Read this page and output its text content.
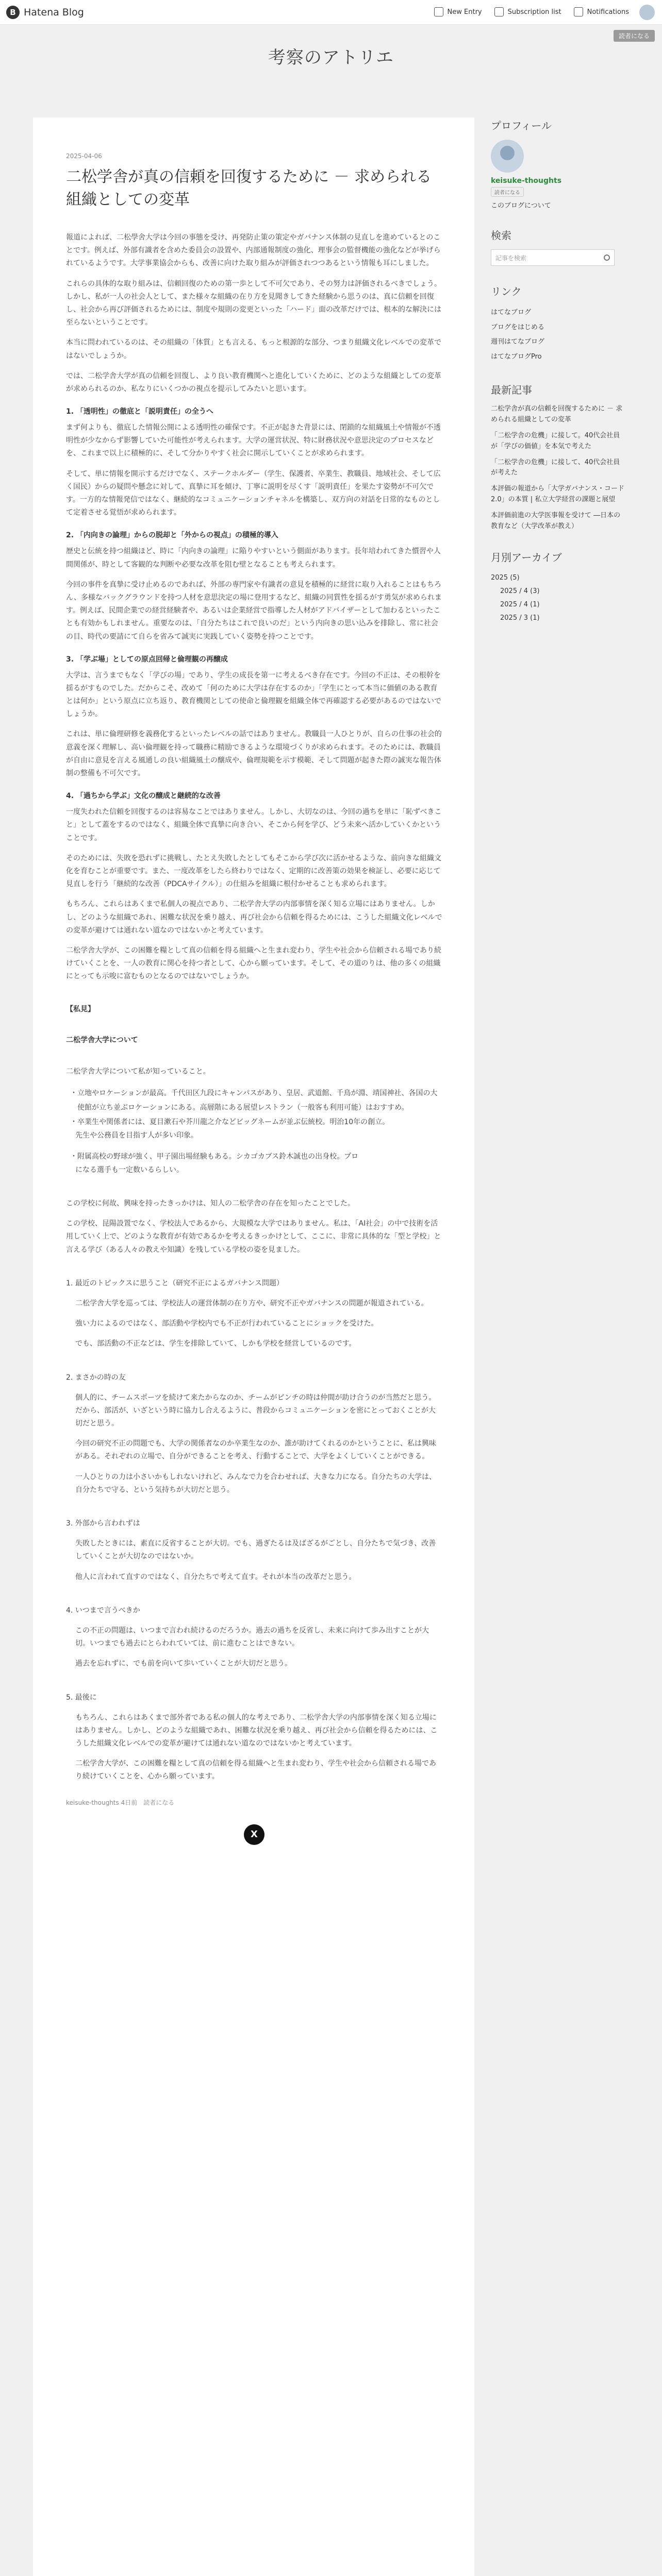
B Hatena Blog	New Entry	Subscription list	Notifications
読者になる
考察のアトリエ
2025-04-06
二松学舎が真の信頼を回復するために － 求められる組織としての変革

報道によれば、二松學舍大学は今回の事態を受け、再発防止策の策定やガバナンス体制の見直しを進めているとのことです。例えば、外部有識者を含めた委員会の設置や、内部通報制度の強化、理事会の監督機能の強化などが挙げられているようです。大学事業協会からも、改善に向けた取り組みが評価されつつあるという情報も耳にしました。

これらの具体的な取り組みは、信頼回復のための第一歩として不可欠であり、その努力は評価されるべきでしょう。しかし、私が一人の社会人として、また様々な組織の在り方を見聞きしてきた経験から思うのは、真に信頼を回復し、社会から再び評価されるためには、制度や規則の変更といった「ハード」面の改革だけでは、根本的な解決には至らないということです。

本当に問われているのは、その組織の「体質」とも言える、もっと根源的な部分、つまり組織文化レベルでの変革ではないでしょうか。

では、二松学舎大学が真の信頼を回復し、より良い教育機関へと進化していくために、どのような組織としての変革が求められるのか、私なりにいくつかの視点を提示してみたいと思います。

1. 「透明性」の徹底と「説明責任」の全うへ

まず何よりも、徹底した情報公開による透明性の確保です。不正が起きた背景には、閉鎖的な組織風土や情報が不透明性が少なからず影響していた可能性が考えられます。大学の運営状況、特に財務状況や意思決定のプロセスなどを、これまで以上に積極的に、そして分かりやすく社会に開示していくことが求められます。

そして、単に情報を開示するだけでなく、ステークホルダー（学生、保護者、卒業生、教職員、地域社会、そして広く国民）からの疑問や懸念に対して、真摯に耳を傾け、丁寧に説明を尽くす「説明責任」を果たす姿勢が不可欠です。一方的な情報発信ではなく、継続的なコミュニケーションチャネルを構築し、双方向の対話を日常的なものとして定着させる覚悟が求められます。

2. 「内向きの論理」からの脱却と「外からの視点」の積極的導入

歴史と伝統を持つ組織ほど、時に「内向きの論理」に陥りやすいという側面があります。長年培われてきた慣習や人間関係が、時として客観的な判断や必要な改革を阻む壁となることも考えられます。

今回の事件を真摯に受け止めるのであれば、外部の専門家や有識者の意見を積極的に経営に取り入れることはもちろん、多様なバックグラウンドを持つ人材を意思決定の場に登用するなど、組織の同質性を揺るがす勇気が求められます。例えば、民間企業での経営経験者や、あるいは企業経営で指導した人材がアドバイザーとして加わるといったことも有効かもしれません。重要なのは、「自分たちはこれで良いのだ」という内向きの思い込みを排除し、常に社会の目、時代の要請にて自らを省みて誠実に実践していく姿勢を持つことです。

3. 「学ぶ場」としての原点回帰と倫理観の再醸成

大学は、言うまでもなく「学びの場」であり、学生の成長を第一に考えるべき存在です。今回の不正は、その根幹を揺るがすものでした。だからこそ、改めて「何のために大学は存在するのか」「学生にとって本当に価値のある教育とは何か」という原点に立ち返り、教育機関としての使命と倫理観を組織全体で再確認する必要があるのではないでしょうか。

これは、単に倫理研修を義務化するといったレベルの話ではありません。教職員一人ひとりが、自らの仕事の社会的意義を深く理解し、高い倫理観を持って職務に精励できるような環境づくりが求められます。そのためには、教職員が自由に意見を言える風通しの良い組織風土の醸成や、倫理規範を示す模範、そして問題が起きた際の誠実な報告体制の整備も不可欠です。

4. 「過ちから学ぶ」文化の醸成と継続的な改善

一度失われた信頼を回復するのは容易なことではありません。しかし、大切なのは、今回の過ちを単に「恥ずべきこと」として蓋をするのではなく、組織全体で真摯に向き合い、そこから何を学び、どう未来へ活かしていくかということです。

そのためには、失敗を恐れずに挑戦し、たとえ失敗したとしてもそこから学び次に活かせるような、前向きな組織文化を育むことが重要です。また、一度改革をしたら終わりではなく、定期的に改善策の効果を検証し、必要に応じて見直しを行う「継続的な改善（PDCAサイクル）」の仕組みを組織に根付かせることも求められます。

もちろん、これらはあくまで私個人の視点であり、二松学舎大学の内部事情を深く知る立場にはありません。しかし、どのような組織であれ、困難な状況を乗り越え、再び社会から信頼を得るためには、こうした組織文化レベルでの変革が避けては通れない道なのではないかと考えています。

二松学舎大学が、この困難を糧として真の信頼を得る組織へと生まれ変わり、学生や社会から信頼される場であり続けていくことを、一人の教育に関心を持つ者として、心から願っています。そして、その道のりは、他の多くの組織にとっても示唆に富むものとなるのではないでしょうか。

【私見】
二松学舎大学について

二松学舎大学について私が知っていること。

・ 立地やロケーションが最高。千代田区九段にキャンパスがあり、皇居、武道館、千鳥が淵、靖国神社、各国の大使館が立ち並ぶロケーションにある。高層階にある展望レストラン（一般客も利用可能）はおすすめ。
・ 卒業生や関係者には、夏目漱石や芥川龍之介などビッグネームが並ぶ伝統校。明治10年の創立。

先生や公務員を目指す人が多い印象。

・ 附属高校の野球が強く、甲子園出場経験もある。シカゴカブス鈴木誠也の出身校。プロ

になる選手も一定数いるらしい。

この学校に何故、興味を持ったきっかけは、知人の二松学舎の存在を知ったことでした。

この学校、昆陽設置でなく、学校法人であるから、大規模な大学ではありません。私は、「AI社会」の中で技術を活用していく上で、どのような教育が有効であるかを考えるきっかけとして、ここに、非常に具体的な「型と学校」と言える学び（ある人々の教えや知識）を残している学校の姿を見ました。

1. 最近のトピックスに思うこと（研究不正によるガバナンス問題）

二松学舎大学を巡っては、学校法人の運営体制の在り方や、研究不正やガバナンスの問題が報道されている。

強い力によるのではなく、部活動や学校内でも不正が行われていることにショックを受けた。

でも、部活動の不正などは、学生を排除していて、しかも学校を経営しているのです。

2. まさかの時の友

個人的に、チームスポーツを続けて来たからなのか、チームがピンチの時は仲間が助け合うのが当然だと思う。だから、部活が、いざという時に協力し合えるように、普段からコミュニケーションを密にとっておくことが大切だと思う。

今回の研究不正の問題でも、大学の関係者なのか卒業生なのか、誰が助けてくれるのかということに、私は興味がある。それぞれの立場で、自分ができることを考え、行動することで、大学をよくしていくことができる。

一人ひとりの力は小さいかもしれないけれど、みんなで力を合わせれば、大きな力になる。自分たちの大学は、自分たちで守る、という気持ちが大切だと思う。

3. 外部から言われずは

失敗したときには、素直に反省することが大切。でも、過ぎたるは及ばざるがごとし、自分たちで気づき、改善していくことが大切なのではないか。

他人に言われて直すのではなく、自分たちで考えて直す。それが本当の改革だと思う。

4. いつまで言うべきか

この不正の問題は、いつまで言われ続けるのだろうか。過去の過ちを反省し、未来に向けて歩み出すことが大切。いつまでも過去にとらわれていては、前に進むことはできない。

過去を忘れずに、でも前を向いて歩いていくことが大切だと思う。

5. 最後に

もちろん、これらはあくまで部外者である私の個人的な考えであり、二松学舎大学の内部事情を深く知る立場にはありません。しかし、どのような組織であれ、困難な状況を乗り越え、再び社会から信頼を得るためには、こうした組織文化レベルでの変革が避けては通れない道なのではないかと考えています。

二松学舎大学が、この困難を糧として真の信頼を得る組織へと生まれ変わり、学生や社会から信頼される場であり続けていくことを、心から願っています。

keisuke-thoughts 4日前　読者になる
X
プロフィール
keisuke-thoughts
読者になる
このブログについて
検索
記事を検索
リンク
はてなブログ
ブログをはじめる
週刊はてなブログ
はてなブログPro
最新記事
二松学舎が真の信頼を回復するために － 求められる組織としての変革
「二松学舎の危機」に接して。40代会社員が「学びの価値」を本気で考えた
「二松学舎の危機」に接して、40代会社員が考えた
本評価の報道から「大学ガバナンス・コード2.0」の本質 | 私立大学経営の課題と展望
本評価前進の大学医事報を受けて ―日本の教育など（大学改革が教え）
月別アーカイブ
2025 (5)
2025 / 4 (3)
2025 / 4 (1)
2025 / 3 (1)
